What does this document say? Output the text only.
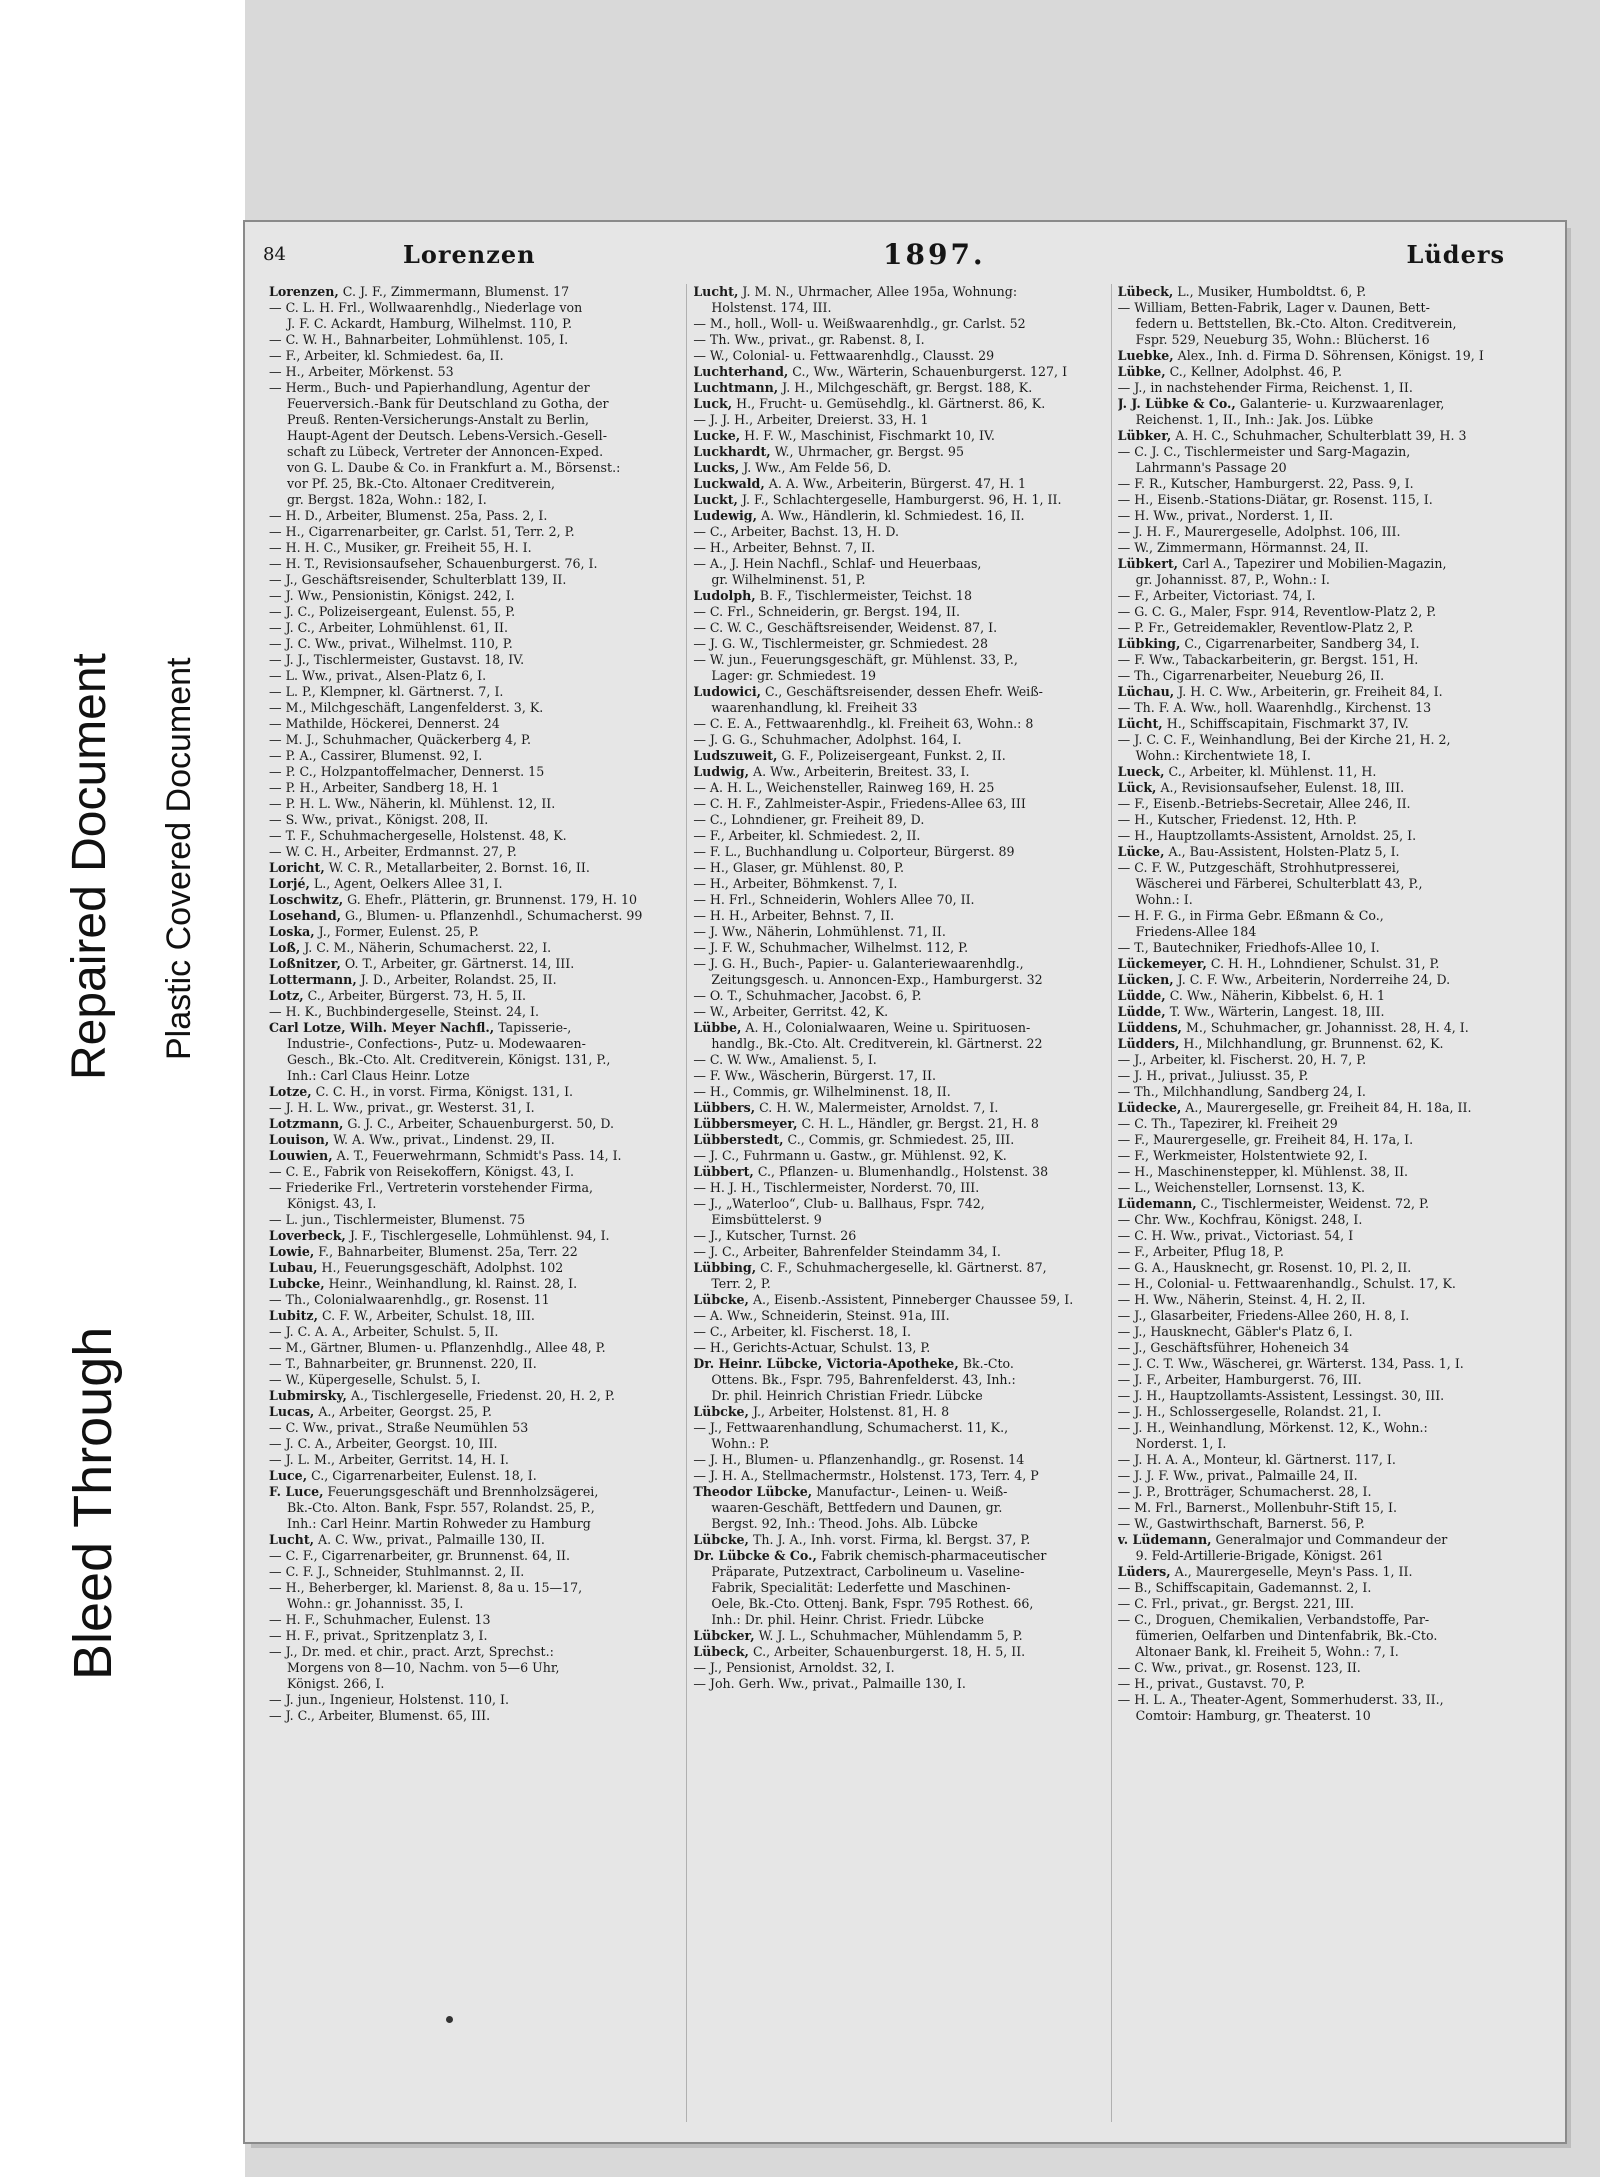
Bleed Through
Repaired Document Plastic Covered Document
84	Lorenzen	1897.	Lüders
Lorenzen, C. J. F., Zimmermann, Blumenst. 17
— C. L. H. Frl., Wollwaarenhdlg., Niederlage von
J. F. C. Ackardt, Hamburg, Wilhelmst. 110, P.
— C. W. H., Bahnarbeiter, Lohmühlenst. 105, I.
— F., Arbeiter, kl. Schmiedest. 6a, II.
— H., Arbeiter, Mörkenst. 53
— Herm., Buch- und Papierhandlung, Agentur der
Feuerversich.-Bank für Deutschland zu Gotha, der
Preuß. Renten-Versicherungs-Anstalt zu Berlin,
Haupt-Agent der Deutsch. Lebens-Versich.-Gesell-
schaft zu Lübeck, Vertreter der Annoncen-Exped.
von G. L. Daube & Co. in Frankfurt a. M., Börsenst.:
vor Pf. 25, Bk.-Cto. Altonaer Creditverein,
gr. Bergst. 182a, Wohn.: 182, I.
— H. D., Arbeiter, Blumenst. 25a, Pass. 2, I.
— H., Cigarrenarbeiter, gr. Carlst. 51, Terr. 2, P.
— H. H. C., Musiker, gr. Freiheit 55, H. I.
— H. T., Revisionsaufseher, Schauenburgerst. 76, I.
— J., Geschäftsreisender, Schulterblatt 139, II.
— J. Ww., Pensionistin, Königst. 242, I.
— J. C., Polizeisergeant, Eulenst. 55, P.
— J. C., Arbeiter, Lohmühlenst. 61, II.
— J. C. Ww., privat., Wilhelmst. 110, P.
— J. J., Tischlermeister, Gustavst. 18, IV.
— L. Ww., privat., Alsen-Platz 6, I.
— L. P., Klempner, kl. Gärtnerst. 7, I.
— M., Milchgeschäft, Langenfelderst. 3, K.
— Mathilde, Höckerei, Dennerst. 24
— M. J., Schuhmacher, Quäckerberg 4, P.
— P. A., Cassirer, Blumenst. 92, I.
— P. C., Holzpantoffelmacher, Dennerst. 15
— P. H., Arbeiter, Sandberg 18, H. 1
— P. H. L. Ww., Näherin, kl. Mühlenst. 12, II.
— S. Ww., privat., Königst. 208, II.
— T. F., Schuhmachergeselle, Holstenst. 48, K.
— W. C. H., Arbeiter, Erdmannst. 27, P.
Loricht, W. C. R., Metallarbeiter, 2. Bornst. 16, II.
Lorjé, L., Agent, Oelkers Allee 31, I.
Loschwitz, G. Ehefr., Plätterin, gr. Brunnenst. 179, H. 10
Losehand, G., Blumen- u. Pflanzenhdl., Schumacherst. 99
Loska, J., Former, Eulenst. 25, P.
Loß, J. C. M., Näherin, Schumacherst. 22, I.
Loßnitzer, O. T., Arbeiter, gr. Gärtnerst. 14, III.
Lottermann, J. D., Arbeiter, Rolandst. 25, II.
Lotz, C., Arbeiter, Bürgerst. 73, H. 5, II.
— H. K., Buchbindergeselle, Steinst. 24, I.
Carl Lotze, Wilh. Meyer Nachfl., Tapisserie-,
Industrie-, Confections-, Putz- u. Modewaaren-
Gesch., Bk.-Cto. Alt. Creditverein, Königst. 131, P.,
Inh.: Carl Claus Heinr. Lotze
Lotze, C. C. H., in vorst. Firma, Königst. 131, I.
— J. H. L. Ww., privat., gr. Westerst. 31, I.
Lotzmann, G. J. C., Arbeiter, Schauenburgerst. 50, D.
Louison, W. A. Ww., privat., Lindenst. 29, II.
Louwien, A. T., Feuerwehrmann, Schmidt's Pass. 14, I.
— C. E., Fabrik von Reisekoffern, Königst. 43, I.
— Friederike Frl., Vertreterin vorstehender Firma,
Königst. 43, I.
— L. jun., Tischlermeister, Blumenst. 75
Loverbeck, J. F., Tischlergeselle, Lohmühlenst. 94, I.
Lowie, F., Bahnarbeiter, Blumenst. 25a, Terr. 22
Lubau, H., Feuerungsgeschäft, Adolphst. 102
Lubcke, Heinr., Weinhandlung, kl. Rainst. 28, I.
— Th., Colonialwaarenhdlg., gr. Rosenst. 11
Lubitz, C. F. W., Arbeiter, Schulst. 18, III.
— J. C. A. A., Arbeiter, Schulst. 5, II.
— M., Gärtner, Blumen- u. Pflanzenhdlg., Allee 48, P.
— T., Bahnarbeiter, gr. Brunnenst. 220, II.
— W., Küpergeselle, Schulst. 5, I.
Lubmirsky, A., Tischlergeselle, Friedenst. 20, H. 2, P.
Lucas, A., Arbeiter, Georgst. 25, P.
— C. Ww., privat., Straße Neumühlen 53
— J. C. A., Arbeiter, Georgst. 10, III.
— J. L. M., Arbeiter, Gerritst. 14, H. I.
Luce, C., Cigarrenarbeiter, Eulenst. 18, I.
F. Luce, Feuerungsgeschäft und Brennholzsägerei,
Bk.-Cto. Alton. Bank, Fspr. 557, Rolandst. 25, P.,
Inh.: Carl Heinr. Martin Rohweder zu Hamburg
Lucht, A. C. Ww., privat., Palmaille 130, II.
— C. F., Cigarrenarbeiter, gr. Brunnenst. 64, II.
— C. F. J., Schneider, Stuhlmannst. 2, II.
— H., Beherberger, kl. Marienst. 8, 8a u. 15—17,
Wohn.: gr. Johannisst. 35, I.
— H. F., Schuhmacher, Eulenst. 13
— H. F., privat., Spritzenplatz 3, I.
— J., Dr. med. et chir., pract. Arzt, Sprechst.:
Morgens von 8—10, Nachm. von 5—6 Uhr,
Königst. 266, I.
— J. jun., Ingenieur, Holstenst. 110, I.
— J. C., Arbeiter, Blumenst. 65, III.
Lucht, J. M. N., Uhrmacher, Allee 195a, Wohnung:
Holstenst. 174, III.
— M., holl., Woll- u. Weißwaarenhdlg., gr. Carlst. 52
— Th. Ww., privat., gr. Rabenst. 8, I.
— W., Colonial- u. Fettwaarenhdlg., Clausst. 29
Luchterhand, C., Ww., Wärterin, Schauenburgerst. 127, I
Luchtmann, J. H., Milchgeschäft, gr. Bergst. 188, K.
Luck, H., Frucht- u. Gemüsehdlg., kl. Gärtnerst. 86, K.
— J. J. H., Arbeiter, Dreierst. 33, H. 1
Lucke, H. F. W., Maschinist, Fischmarkt 10, IV.
Luckhardt, W., Uhrmacher, gr. Bergst. 95
Lucks, J. Ww., Am Felde 56, D.
Luckwald, A. A. Ww., Arbeiterin, Bürgerst. 47, H. 1
Luckt, J. F., Schlachtergeselle, Hamburgerst. 96, H. 1, II.
Ludewig, A. Ww., Händlerin, kl. Schmiedest. 16, II.
— C., Arbeiter, Bachst. 13, H. D.
— H., Arbeiter, Behnst. 7, II.
— A., J. Hein Nachfl., Schlaf- und Heuerbaas,
gr. Wilhelminenst. 51, P.
Ludolph, B. F., Tischlermeister, Teichst. 18
— C. Frl., Schneiderin, gr. Bergst. 194, II.
— C. W. C., Geschäftsreisender, Weidenst. 87, I.
— J. G. W., Tischlermeister, gr. Schmiedest. 28
— W. jun., Feuerungsgeschäft, gr. Mühlenst. 33, P.,
Lager: gr. Schmiedest. 19
Ludowici, C., Geschäftsreisender, dessen Ehefr. Weiß-
waarenhandlung, kl. Freiheit 33
— C. E. A., Fettwaarenhdlg., kl. Freiheit 63, Wohn.: 8
— J. G. G., Schuhmacher, Adolphst. 164, I.
Ludszuweit, G. F., Polizeisergeant, Funkst. 2, II.
Ludwig, A. Ww., Arbeiterin, Breitest. 33, I.
— A. H. L., Weichensteller, Rainweg 169, H. 25
— C. H. F., Zahlmeister-Aspir., Friedens-Allee 63, III
— C., Lohndiener, gr. Freiheit 89, D.
— F., Arbeiter, kl. Schmiedest. 2, II.
— F. L., Buchhandlung u. Colporteur, Bürgerst. 89
— H., Glaser, gr. Mühlenst. 80, P.
— H., Arbeiter, Böhmkenst. 7, I.
— H. Frl., Schneiderin, Wohlers Allee 70, II.
— H. H., Arbeiter, Behnst. 7, II.
— J. Ww., Näherin, Lohmühlenst. 71, II.
— J. F. W., Schuhmacher, Wilhelmst. 112, P.
— J. G. H., Buch-, Papier- u. Galanteriewaarenhdlg.,
Zeitungsgesch. u. Annoncen-Exp., Hamburgerst. 32
— O. T., Schuhmacher, Jacobst. 6, P.
— W., Arbeiter, Gerritst. 42, K.
Lübbe, A. H., Colonialwaaren, Weine u. Spirituosen-
handlg., Bk.-Cto. Alt. Creditverein, kl. Gärtnerst. 22
— C. W. Ww., Amalienst. 5, I.
— F. Ww., Wäscherin, Bürgerst. 17, II.
— H., Commis, gr. Wilhelminenst. 18, II.
Lübbers, C. H. W., Malermeister, Arnoldst. 7, I.
Lübbersmeyer, C. H. L., Händler, gr. Bergst. 21, H. 8
Lübberstedt, C., Commis, gr. Schmiedest. 25, III.
— J. C., Fuhrmann u. Gastw., gr. Mühlenst. 92, K.
Lübbert, C., Pflanzen- u. Blumenhandlg., Holstenst. 38
— H. J. H., Tischlermeister, Norderst. 70, III.
— J., „Waterloo“, Club- u. Ballhaus, Fspr. 742,
Eimsbüttelerst. 9
— J., Kutscher, Turnst. 26
— J. C., Arbeiter, Bahrenfelder Steindamm 34, I.
Lübbing, C. F., Schuhmachergeselle, kl. Gärtnerst. 87,
Terr. 2, P.
Lübcke, A., Eisenb.-Assistent, Pinneberger Chaussee 59, I.
— A. Ww., Schneiderin, Steinst. 91a, III.
— C., Arbeiter, kl. Fischerst. 18, I.
— H., Gerichts-Actuar, Schulst. 13, P.
Dr. Heinr. Lübcke, Victoria-Apotheke, Bk.-Cto.
Ottens. Bk., Fspr. 795, Bahrenfelderst. 43, Inh.:
Dr. phil. Heinrich Christian Friedr. Lübcke
Lübcke, J., Arbeiter, Holstenst. 81, H. 8
— J., Fettwaarenhandlung, Schumacherst. 11, K.,
Wohn.: P.
— J. H., Blumen- u. Pflanzenhandlg., gr. Rosenst. 14
— J. H. A., Stellmachermstr., Holstenst. 173, Terr. 4, P
Theodor Lübcke, Manufactur-, Leinen- u. Weiß-
waaren-Geschäft, Bettfedern und Daunen, gr.
Bergst. 92, Inh.: Theod. Johs. Alb. Lübcke
Lübcke, Th. J. A., Inh. vorst. Firma, kl. Bergst. 37, P.
Dr. Lübcke & Co., Fabrik chemisch-pharmaceutischer
Präparate, Putzextract, Carbolineum u. Vaseline-
Fabrik, Specialität: Lederfette und Maschinen-
Oele, Bk.-Cto. Ottenj. Bank, Fspr. 795 Rothest. 66,
Inh.: Dr. phil. Heinr. Christ. Friedr. Lübcke
Lübcker, W. J. L., Schuhmacher, Mühlendamm 5, P.
Lübeck, C., Arbeiter, Schauenburgerst. 18, H. 5, II.
— J., Pensionist, Arnoldst. 32, I.
— Joh. Gerh. Ww., privat., Palmaille 130, I.
Lübeck, L., Musiker, Humboldtst. 6, P.
— William, Betten-Fabrik, Lager v. Daunen, Bett-
federn u. Bettstellen, Bk.-Cto. Alton. Creditverein,
Fspr. 529, Neueburg 35, Wohn.: Blücherst. 16
Luebke, Alex., Inh. d. Firma D. Söhrensen, Königst. 19, I
Lübke, C., Kellner, Adolphst. 46, P.
— J., in nachstehender Firma, Reichenst. 1, II.
J. J. Lübke & Co., Galanterie- u. Kurzwaarenlager,
Reichenst. 1, II., Inh.: Jak. Jos. Lübke
Lübker, A. H. C., Schuhmacher, Schulterblatt 39, H. 3
— C. J. C., Tischlermeister und Sarg-Magazin,
Lahrmann's Passage 20
— F. R., Kutscher, Hamburgerst. 22, Pass. 9, I.
— H., Eisenb.-Stations-Diätar, gr. Rosenst. 115, I.
— H. Ww., privat., Norderst. 1, II.
— J. H. F., Maurergeselle, Adolphst. 106, III.
— W., Zimmermann, Hörmannst. 24, II.
Lübkert, Carl A., Tapezirer und Mobilien-Magazin,
gr. Johannisst. 87, P., Wohn.: I.
— F., Arbeiter, Victoriast. 74, I.
— G. C. G., Maler, Fspr. 914, Reventlow-Platz 2, P.
— P. Fr., Getreidemakler, Reventlow-Platz 2, P.
Lübking, C., Cigarrenarbeiter, Sandberg 34, I.
— F. Ww., Tabackarbeiterin, gr. Bergst. 151, H.
— Th., Cigarrenarbeiter, Neueburg 26, II.
Lüchau, J. H. C. Ww., Arbeiterin, gr. Freiheit 84, I.
— Th. F. A. Ww., holl. Waarenhdlg., Kirchenst. 13
Lücht, H., Schiffscapitain, Fischmarkt 37, IV.
— J. C. C. F., Weinhandlung, Bei der Kirche 21, H. 2,
Wohn.: Kirchentwiete 18, I.
Lueck, C., Arbeiter, kl. Mühlenst. 11, H.
Lück, A., Revisionsaufseher, Eulenst. 18, III.
— F., Eisenb.-Betriebs-Secretair, Allee 246, II.
— H., Kutscher, Friedenst. 12, Hth. P.
— H., Hauptzollamts-Assistent, Arnoldst. 25, I.
Lücke, A., Bau-Assistent, Holsten-Platz 5, I.
— C. F. W., Putzgeschäft, Strohhutpresserei,
Wäscherei und Färberei, Schulterblatt 43, P.,
Wohn.: I.
— H. F. G., in Firma Gebr. Eßmann & Co.,
Friedens-Allee 184
— T., Bautechniker, Friedhofs-Allee 10, I.
Lückemeyer, C. H. H., Lohndiener, Schulst. 31, P.
Lücken, J. C. F. Ww., Arbeiterin, Norderreihe 24, D.
Lüdde, C. Ww., Näherin, Kibbelst. 6, H. 1
Lüdde, T. Ww., Wärterin, Langest. 18, III.
Lüddens, M., Schuhmacher, gr. Johannisst. 28, H. 4, I.
Lüdders, H., Milchhandlung, gr. Brunnenst. 62, K.
— J., Arbeiter, kl. Fischerst. 20, H. 7, P.
— J. H., privat., Juliusst. 35, P.
— Th., Milchhandlung, Sandberg 24, I.
Lüdecke, A., Maurergeselle, gr. Freiheit 84, H. 18a, II.
— C. Th., Tapezirer, kl. Freiheit 29
— F., Maurergeselle, gr. Freiheit 84, H. 17a, I.
— F., Werkmeister, Holstentwiete 92, I.
— H., Maschinenstepper, kl. Mühlenst. 38, II.
— L., Weichensteller, Lornsenst. 13, K.
Lüdemann, C., Tischlermeister, Weidenst. 72, P.
— Chr. Ww., Kochfrau, Königst. 248, I.
— C. H. Ww., privat., Victoriast. 54, I
— F., Arbeiter, Pflug 18, P.
— G. A., Hausknecht, gr. Rosenst. 10, Pl. 2, II.
— H., Colonial- u. Fettwaarenhandlg., Schulst. 17, K.
— H. Ww., Näherin, Steinst. 4, H. 2, II.
— J., Glasarbeiter, Friedens-Allee 260, H. 8, I.
— J., Hausknecht, Gäbler's Platz 6, I.
— J., Geschäftsführer, Hoheneich 34
— J. C. T. Ww., Wäscherei, gr. Wärterst. 134, Pass. 1, I.
— J. F., Arbeiter, Hamburgerst. 76, III.
— J. H., Hauptzollamts-Assistent, Lessingst. 30, III.
— J. H., Schlossergeselle, Rolandst. 21, I.
— J. H., Weinhandlung, Mörkenst. 12, K., Wohn.:
Norderst. 1, I.
— J. H. A. A., Monteur, kl. Gärtnerst. 117, I.
— J. J. F. Ww., privat., Palmaille 24, II.
— J. P., Brotträger, Schumacherst. 28, I.
— M. Frl., Barnerst., Mollenbuhr-Stift 15, I.
— W., Gastwirthschaft, Barnerst. 56, P.
v. Lüdemann, Generalmajor und Commandeur der
9. Feld-Artillerie-Brigade, Königst. 261
Lüders, A., Maurergeselle, Meyn's Pass. 1, II.
— B., Schiffscapitain, Gademannst. 2, I.
— C. Frl., privat., gr. Bergst. 221, III.
— C., Droguen, Chemikalien, Verbandstoffe, Par-
fümerien, Oelfarben und Dintenfabrik, Bk.-Cto.
Altonaer Bank, kl. Freiheit 5, Wohn.: 7, I.
— C. Ww., privat., gr. Rosenst. 123, II.
— H., privat., Gustavst. 70, P.
— H. L. A., Theater-Agent, Sommerhuderst. 33, II.,
Comtoir: Hamburg, gr. Theaterst. 10
